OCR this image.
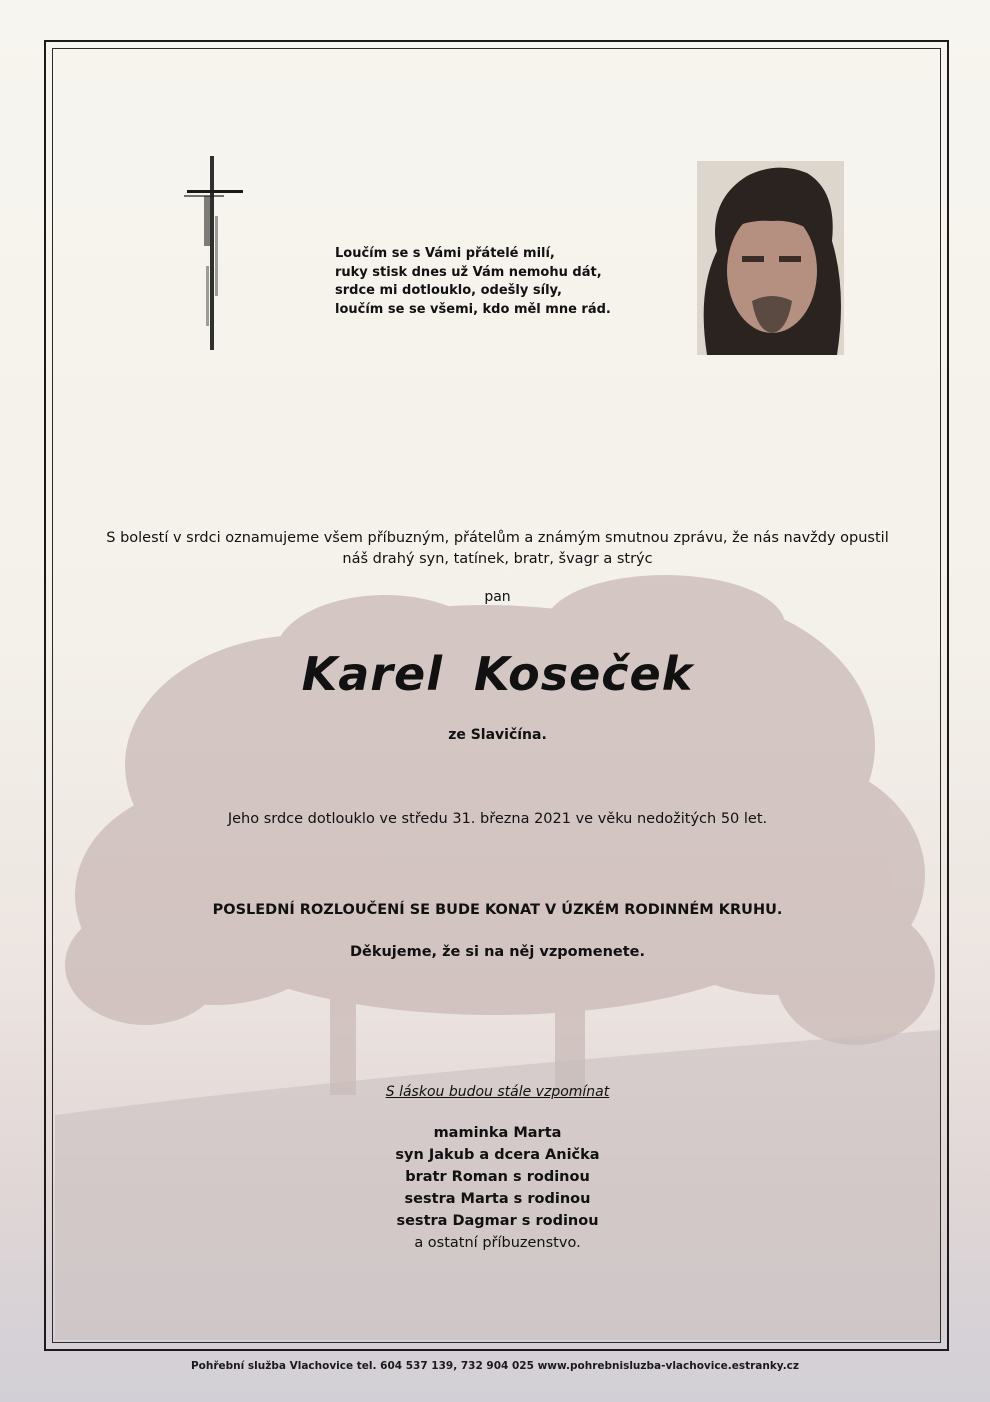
Loučím se s Vámi přátelé milí,
ruky stisk dnes už Vám nemohu dát,
srdce mi dotlouklo, odešly síly,
loučím se se všemi, kdo měl mne rád.
S bolestí v srdci oznamujeme všem příbuzným, přátelům a známým smutnou zprávu, že nás navždy opustil
náš drahý syn, tatínek, bratr, švagr a strýc
pan
Karel Koseček
ze Slavičína.
Jeho srdce dotlouklo ve středu 31. března 2021 ve věku nedožitých 50 let.
POSLEDNÍ ROZLOUČENÍ SE BUDE KONAT V ÚZKÉM RODINNÉM KRUHU.
Děkujeme, že si na něj vzpomenete.
S láskou budou stále vzpomínat
maminka Marta
syn Jakub a dcera Anička
bratr Roman s rodinou
sestra Marta s rodinou
sestra Dagmar s rodinou
a ostatní příbuzenstvo.
Pohřební služba Vlachovice tel. 604 537 139, 732 904 025 www.pohrebnisluzba-vlachovice.estranky.cz
